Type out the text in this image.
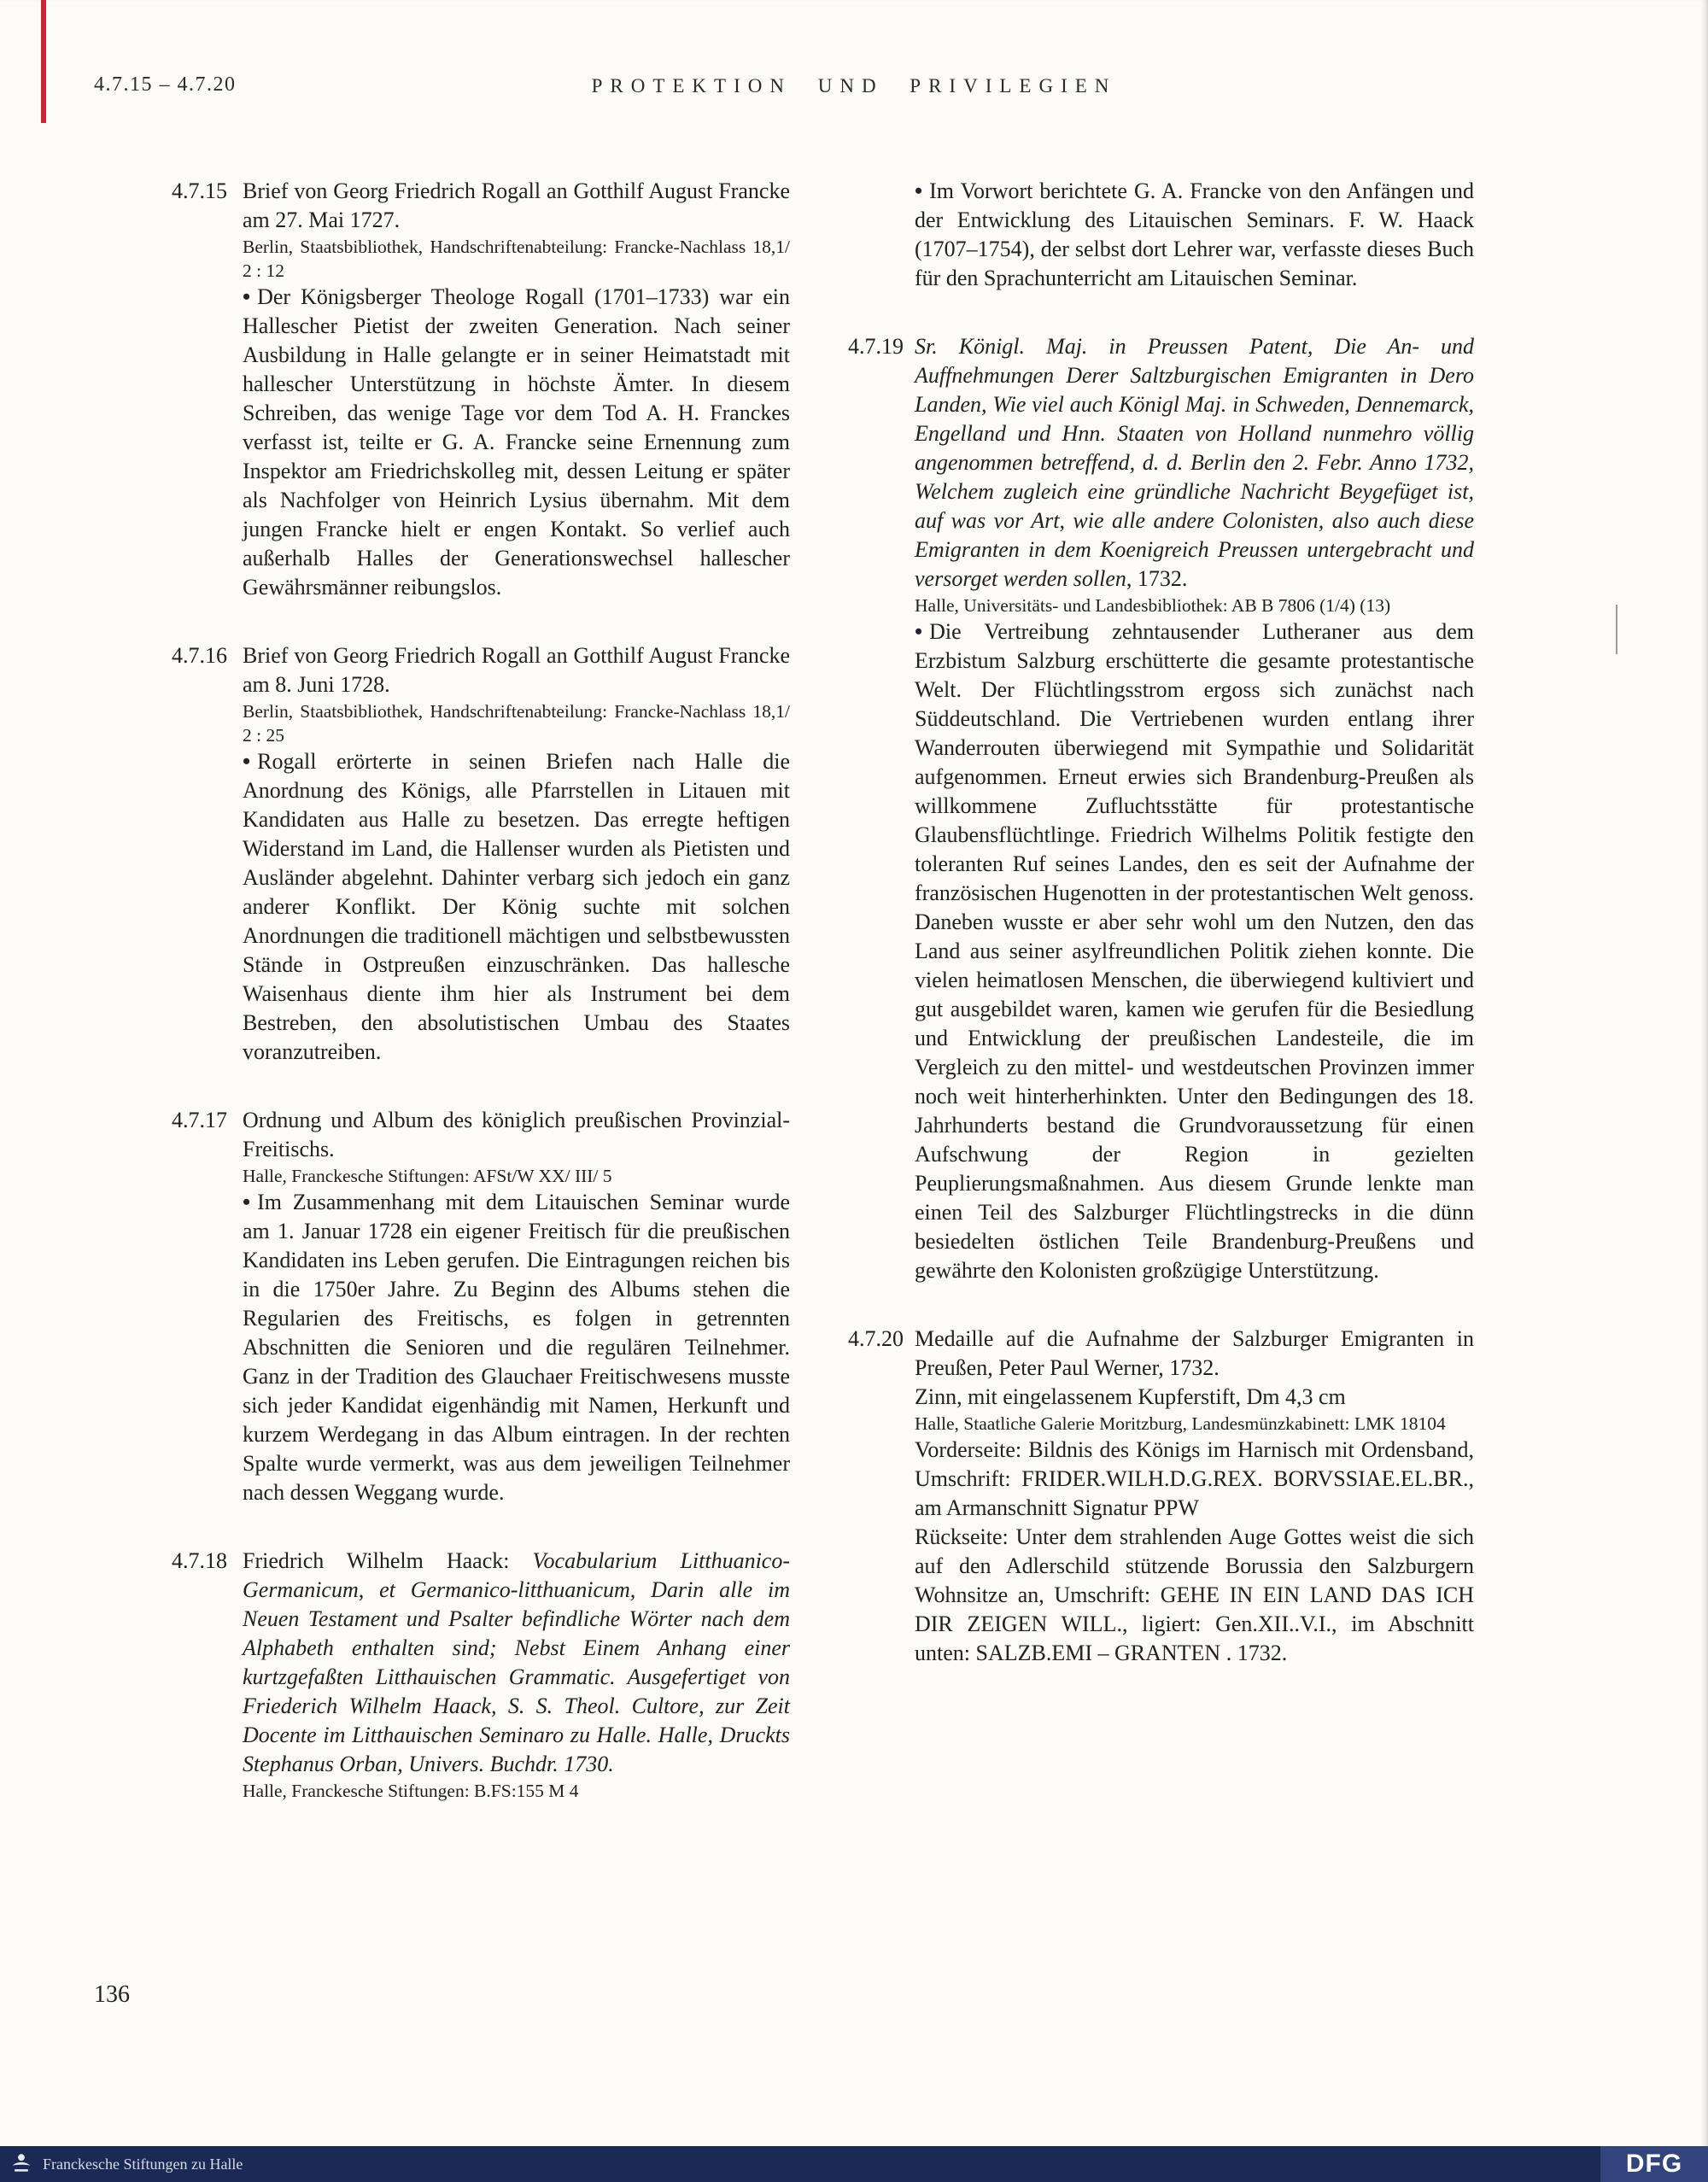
4.7.15 – 4.7.20	PROTEKTION UND PRIVILEGIEN
4.7.15 Brief von Georg Friedrich Rogall an Gotthilf August Francke am 27. Mai 1727.

Berlin, Staatsbibliothek, Handschriftenabteilung: Francke-Nachlass 18,1/ 2 : 12

• Der Königsberger Theologe Rogall (1701–1733) war ein Hallescher Pietist der zweiten Generation. Nach seiner Ausbildung in Halle gelangte er in seiner Heimatstadt mit hallescher Unterstützung in höchste Ämter. In diesem Schreiben, das wenige Tage vor dem Tod A. H. Franckes verfasst ist, teilte er G. A. Francke seine Ernennung zum Inspektor am Friedrichskolleg mit, dessen Leitung er später als Nachfolger von Heinrich Lysius übernahm. Mit dem jungen Francke hielt er engen Kontakt. So verlief auch außerhalb Halles der Generationswechsel hallescher Gewährsmänner reibungslos.

4.7.16 Brief von Georg Friedrich Rogall an Gotthilf August Francke am 8. Juni 1728.

Berlin, Staatsbibliothek, Handschriftenabteilung: Francke-Nachlass 18,1/ 2 : 25

• Rogall erörterte in seinen Briefen nach Halle die Anordnung des Königs, alle Pfarrstellen in Litauen mit Kandidaten aus Halle zu besetzen. Das erregte heftigen Widerstand im Land, die Hallenser wurden als Pietisten und Ausländer abgelehnt. Dahinter verbarg sich jedoch ein ganz anderer Konflikt. Der König suchte mit solchen Anordnungen die traditionell mächtigen und selbstbewussten Stände in Ostpreußen einzuschränken. Das hallesche Waisenhaus diente ihm hier als Instrument bei dem Bestreben, den absolutistischen Umbau des Staates voranzutreiben.

4.7.17 Ordnung und Album des königlich preußischen Provinzial-Freitischs.

Halle, Franckesche Stiftungen: AFSt/W XX/ III/ 5

• Im Zusammenhang mit dem Litauischen Seminar wurde am 1. Januar 1728 ein eigener Freitisch für die preußischen Kandidaten ins Leben gerufen. Die Eintragungen reichen bis in die 1750er Jahre. Zu Beginn des Albums stehen die Regularien des Freitischs, es folgen in getrennten Abschnitten die Senioren und die regulären Teilnehmer. Ganz in der Tradition des Glauchaer Freitischwesens musste sich jeder Kandidat eigenhändig mit Namen, Herkunft und kurzem Werdegang in das Album eintragen. In der rechten Spalte wurde vermerkt, was aus dem jeweiligen Teilnehmer nach dessen Weggang wurde.

4.7.18 Friedrich Wilhelm Haack: Vocabularium Litthuanico-Germanicum, et Germanico-litthuanicum, Darin alle im Neuen Testament und Psalter befindliche Wörter nach dem Alphabeth enthalten sind; Nebst Einem Anhang einer kurtzgefaßten Litthauischen Grammatic. Ausgefertiget von Friederich Wilhelm Haack, S. S. Theol. Cultore, zur Zeit Docente im Litthauischen Seminaro zu Halle. Halle, Druckts Stephanus Orban, Univers. Buchdr. 1730.

Halle, Franckesche Stiftungen: B.FS:155 M 4

• Im Vorwort berichtete G. A. Francke von den Anfängen und der Entwicklung des Litauischen Seminars. F. W. Haack (1707–1754), der selbst dort Lehrer war, verfasste dieses Buch für den Sprachunterricht am Litauischen Seminar.

4.7.19 Sr. Königl. Maj. in Preussen Patent, Die An- und Auffnehmungen Derer Saltzburgischen Emigranten in Dero Landen, Wie viel auch Königl Maj. in Schweden, Dennemarck, Engelland und Hnn. Staaten von Holland nunmehro völlig angenommen betreffend, d. d. Berlin den 2. Febr. Anno 1732, Welchem zugleich eine gründliche Nachricht Beygefüget ist, auf was vor Art, wie alle andere Colonisten, also auch diese Emigranten in dem Koenigreich Preussen untergebracht und versorget werden sollen, 1732.

Halle, Universitäts- und Landesbibliothek: AB B 7806 (1/4) (13)

• Die Vertreibung zehntausender Lutheraner aus dem Erzbistum Salzburg erschütterte die gesamte protestantische Welt. Der Flüchtlingsstrom ergoss sich zunächst nach Süddeutschland. Die Vertriebenen wurden entlang ihrer Wanderrouten überwiegend mit Sympathie und Solidarität aufgenommen. Erneut erwies sich Brandenburg-Preußen als willkommene Zufluchtsstätte für protestantische Glaubensflüchtlinge. Friedrich Wilhelms Politik festigte den toleranten Ruf seines Landes, den es seit der Aufnahme der französischen Hugenotten in der protestantischen Welt genoss. Daneben wusste er aber sehr wohl um den Nutzen, den das Land aus seiner asylfreundlichen Politik ziehen konnte. Die vielen heimatlosen Menschen, die überwiegend kultiviert und gut ausgebildet waren, kamen wie gerufen für die Besiedlung und Entwicklung der preußischen Landesteile, die im Vergleich zu den mittel- und westdeutschen Provinzen immer noch weit hinterherhinkten. Unter den Bedingungen des 18. Jahrhunderts bestand die Grundvoraussetzung für einen Aufschwung der Region in gezielten Peuplierungsmaßnahmen. Aus diesem Grunde lenkte man einen Teil des Salzburger Flüchtlingstrecks in die dünn besiedelten östlichen Teile Brandenburg-Preußens und gewährte den Kolonisten großzügige Unterstützung.

4.7.20 Medaille auf die Aufnahme der Salzburger Emigranten in Preußen, Peter Paul Werner, 1732.

Zinn, mit eingelassenem Kupferstift, Dm 4,3 cm

Halle, Staatliche Galerie Moritzburg, Landesmünzkabinett: LMK 18104

Vorderseite: Bildnis des Königs im Harnisch mit Ordensband, Umschrift: FRIDER.WILH.D.G.REX. BORVSSIAE.EL.BR., am Armanschnitt Signatur PPW

Rückseite: Unter dem strahlenden Auge Gottes weist die sich auf den Adlerschild stützende Borussia den Salzburgern Wohnsitze an, Umschrift: GEHE IN EIN LAND DAS ICH DIR ZEIGEN WILL., ligiert: Gen.XII..V.I., im Abschnitt unten: SALZB.EMI – GRANTEN . 1732.

136
Franckesche Stiftungen zu Halle	DFG
